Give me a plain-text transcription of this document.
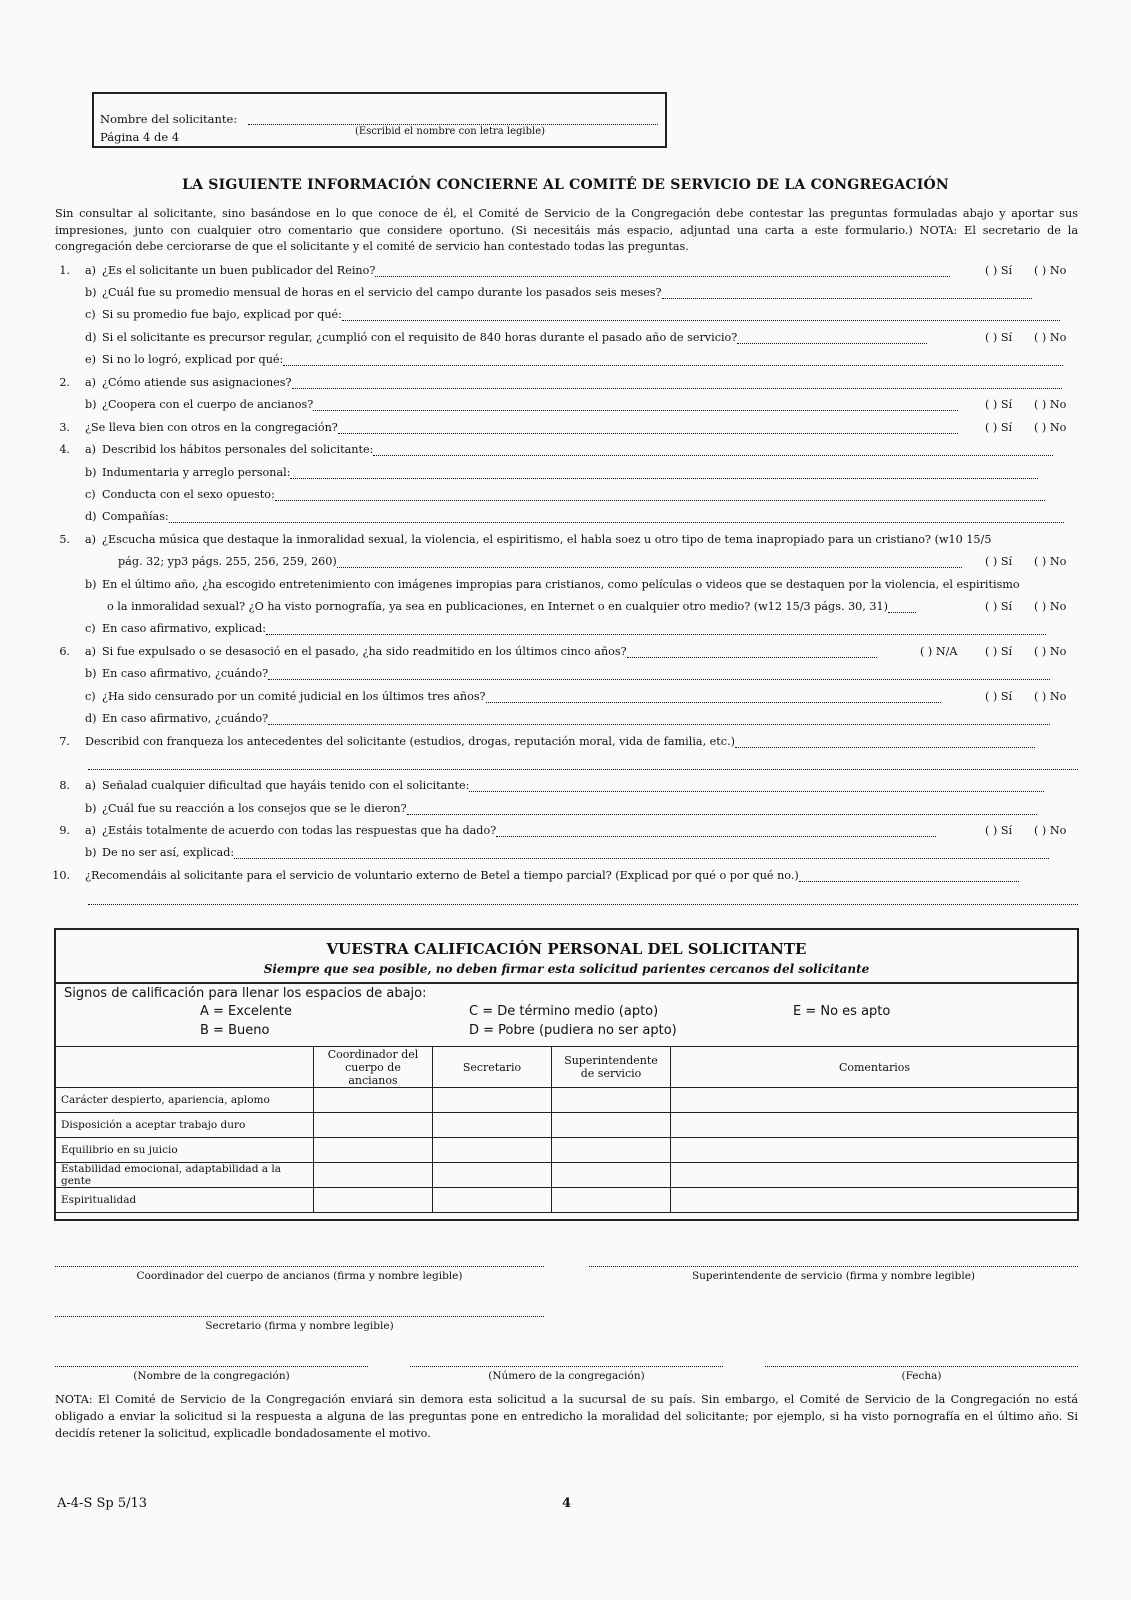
Nombre del solicitante:
(Escribid el nombre con letra legible)
Página 4 de 4
LA SIGUIENTE INFORMACIÓN CONCIERNE AL COMITÉ DE SERVICIO DE LA CONGREGACIÓN
Sin consultar al solicitante, sino basándose en lo que conoce de él, el Comité de Servicio de la Congregación debe contestar las preguntas formuladas abajo y aportar sus impresiones, junto con cualquier otro comentario que considere oportuno. (Si necesitáis más espacio, adjuntad una carta a este formulario.) NOTA: El secretario de la congregación debe cerciorarse de que el solicitante y el comité de servicio han contestado todas las preguntas.
1. a) ¿Es el solicitante un buen publicador del Reino?	( ) Sí ( ) No
b) ¿Cuál fue su promedio mensual de horas en el servicio del campo durante los pasados seis meses?
c) Si su promedio fue bajo, explicad por qué:
d) Si el solicitante es precursor regular, ¿cumplió con el requisito de 840 horas durante el pasado año de servicio?	( ) Sí ( ) No
e) Si no lo logró, explicad por qué:
2. a) ¿Cómo atiende sus asignaciones?
b) ¿Coopera con el cuerpo de ancianos?	( ) Sí ( ) No
3. ¿Se lleva bien con otros en la congregación?	( ) Sí ( ) No
4. a) Describid los hábitos personales del solicitante:
b) Indumentaria y arreglo personal:
c) Conducta con el sexo opuesto:
d) Compañías:
5. a) ¿Escucha música que destaque la inmoralidad sexual, la violencia, el espiritismo, el habla soez u otro tipo de tema inapropiado para un cristiano? (w10 15/5
pág. 32; yp3 págs. 255, 256, 259, 260)	( ) Sí ( ) No
b) En el último año, ¿ha escogido entretenimiento con imágenes impropias para cristianos, como películas o videos que se destaquen por la violencia, el espiritismo
o la inmoralidad sexual? ¿O ha visto pornografía, ya sea en publicaciones, en Internet o en cualquier otro medio? (w12 15/3 págs. 30, 31)	( ) Sí ( ) No
c) En caso afirmativo, explicad:
6. a) Si fue expulsado o se desasoció en el pasado, ¿ha sido readmitido en los últimos cinco años?	( ) N/A ( ) Sí ( ) No
b) En caso afirmativo, ¿cuándo?
c) ¿Ha sido censurado por un comité judicial en los últimos tres años?	( ) Sí ( ) No
d) En caso afirmativo, ¿cuándo?
7. Describid con franqueza los antecedentes del solicitante (estudios, drogas, reputación moral, vida de familia, etc.)
8. a) Señalad cualquier dificultad que hayáis tenido con el solicitante:
b) ¿Cuál fue su reacción a los consejos que se le dieron?
9. a) ¿Estáis totalmente de acuerdo con todas las respuestas que ha dado?	( ) Sí ( ) No
b) De no ser así, explicad:
10. ¿Recomendáis al solicitante para el servicio de voluntario externo de Betel a tiempo parcial? (Explicad por qué o por qué no.)
VUESTRA CALIFICACIÓN PERSONAL DEL SOLICITANTE
Siempre que sea posible, no deben firmar esta solicitud parientes cercanos del solicitante
Signos de calificación para llenar los espacios de abajo:
A = Excelente
B = Bueno
C = De término medio (apto)
D = Pobre (pudiera no ser apto)
E = No es apto
	Coordinador del cuerpo de ancianos	Secretario	Superintendente de servicio	Comentarios
Carácter despierto, apariencia, aplomo				
Disposición a aceptar trabajo duro				
Equilibrio en su juicio				
Estabilidad emocional, adaptabilidad a la gente				
Espiritualidad				
Coordinador del cuerpo de ancianos (firma y nombre legible)	Superintendente de servicio (firma y nombre legible)
Secretario (firma y nombre legible)
(Nombre de la congregación)	(Número de la congregación)	(Fecha)
NOTA: El Comité de Servicio de la Congregación enviará sin demora esta solicitud a la sucursal de su país. Sin embargo, el Comité de Servicio de la Congregación no está obligado a enviar la solicitud si la respuesta a alguna de las preguntas pone en entredicho la moralidad del solicitante; por ejemplo, si ha visto pornografía en el último año. Si decidís retener la solicitud, explicadle bondadosamente el motivo.
A-4-S Sp 5/13	4
